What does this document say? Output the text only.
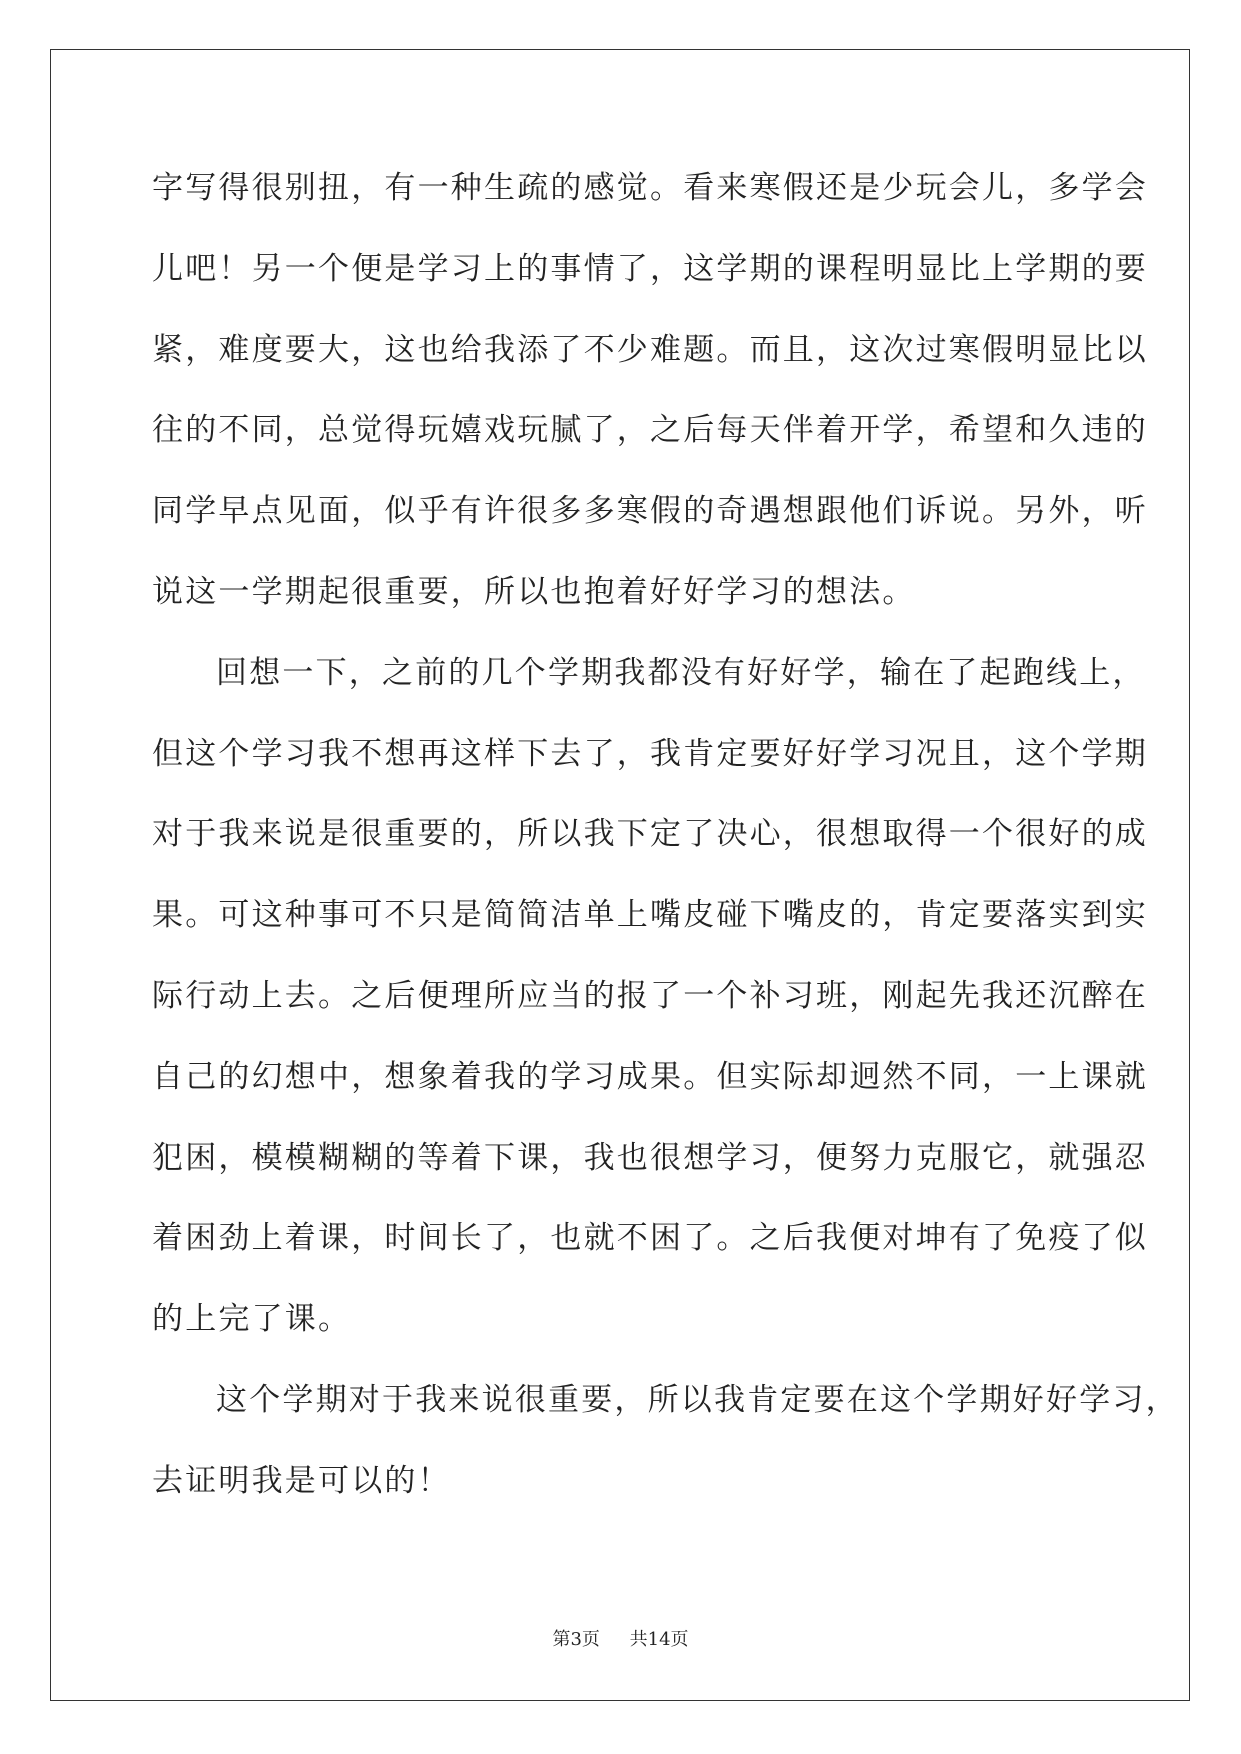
字写得很别扭，有一种生疏的感觉。看来寒假还是少玩会儿，多学会
儿吧！另一个便是学习上的事情了，这学期的课程明显比上学期的要
紧，难度要大，这也给我添了不少难题。而且，这次过寒假明显比以
往的不同，总觉得玩嬉戏玩腻了，之后每天伴着开学，希望和久违的
同学早点见面，似乎有许很多多寒假的奇遇想跟他们诉说。另外，听
说这一学期起很重要，所以也抱着好好学习的想法。
回想一下，之前的几个学期我都没有好好学，输在了起跑线上，
但这个学习我不想再这样下去了，我肯定要好好学习况且，这个学期
对于我来说是很重要的，所以我下定了决心，很想取得一个很好的成
果。可这种事可不只是简简洁单上嘴皮碰下嘴皮的，肯定要落实到实
际行动上去。之后便理所应当的报了一个补习班，刚起先我还沉醉在
自己的幻想中，想象着我的学习成果。但实际却迥然不同，一上课就
犯困，模模糊糊的等着下课，我也很想学习，便努力克服它，就强忍
着困劲上着课，时间长了，也就不困了。之后我便对坤有了免疫了似
的上完了课。
这个学期对于我来说很重要，所以我肯定要在这个学期好好学习，
去证明我是可以的！
第3页 共14页
